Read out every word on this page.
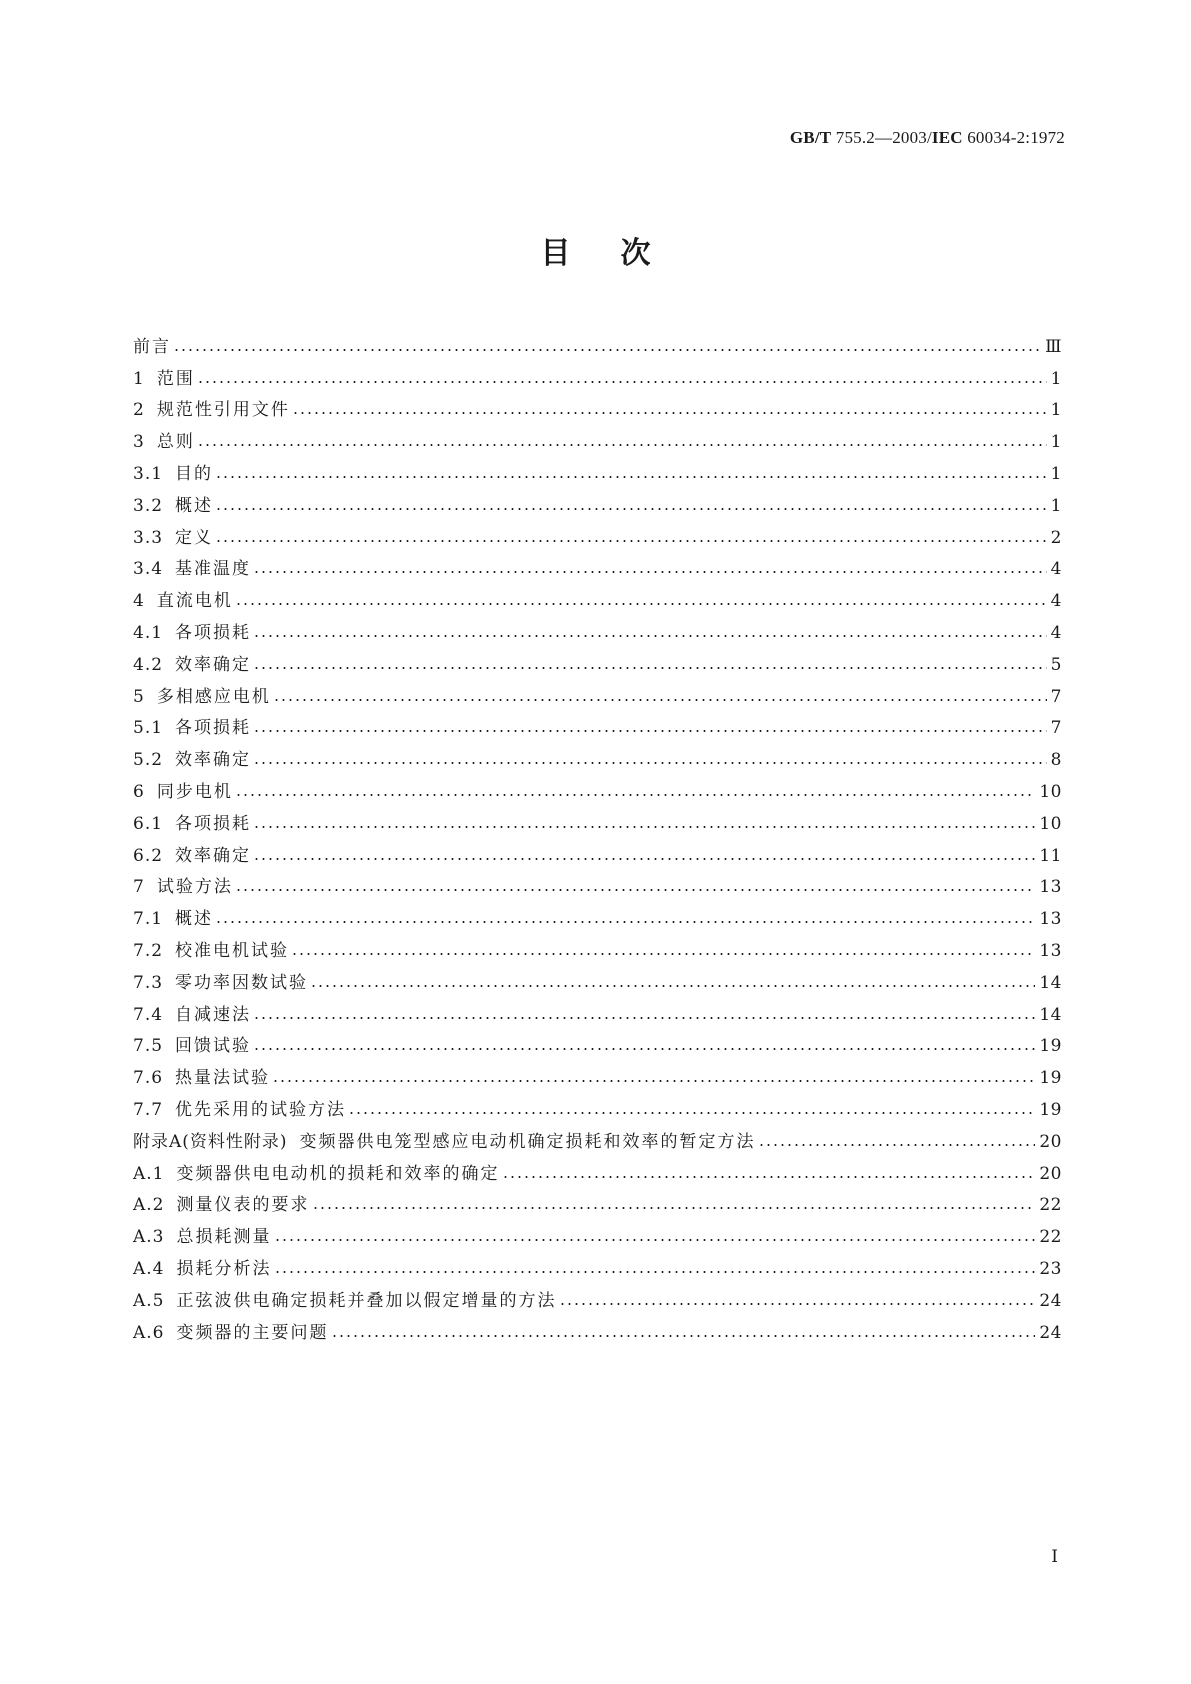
GB/T 755.2—2003/IEC 60034-2:1972
目次
前言	Ⅲ
1 范围	1
2 规范性引用文件	1
3 总则	1
3.1 目的	1
3.2 概述	1
3.3 定义	2
3.4 基准温度	4
4 直流电机	4
4.1 各项损耗	4
4.2 效率确定	5
5 多相感应电机	7
5.1 各项损耗	7
5.2 效率确定	8
6 同步电机	10
6.1 各项损耗	10
6.2 效率确定	11
7 试验方法	13
7.1 概述	13
7.2 校准电机试验	13
7.3 零功率因数试验	14
7.4 自减速法	14
7.5 回馈试验	19
7.6 热量法试验	19
7.7 优先采用的试验方法	19
附录A(资料性附录) 变频器供电笼型感应电动机确定损耗和效率的暂定方法	20
A.1 变频器供电电动机的损耗和效率的确定	20
A.2 测量仪表的要求	22
A.3 总损耗测量	22
A.4 损耗分析法	23
A.5 正弦波供电确定损耗并叠加以假定增量的方法	24
A.6 变频器的主要问题	24
I
